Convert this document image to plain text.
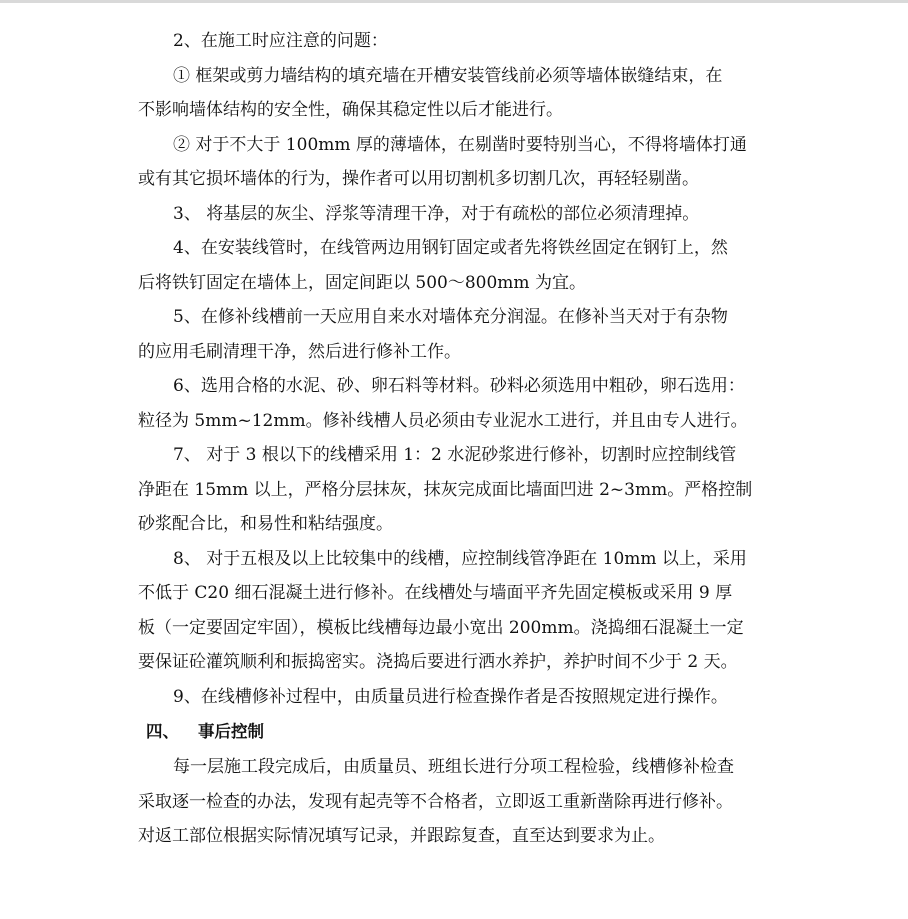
2、在施工时应注意的问题：
① 框架或剪力墙结构的填充墙在开槽安装管线前必须等墙体嵌缝结束，在
不影响墙体结构的安全性，确保其稳定性以后才能进行。
② 对于不大于 100mm 厚的薄墙体，在剔凿时要特别当心，不得将墙体打通
或有其它损坏墙体的行为，操作者可以用切割机多切割几次，再轻轻剔凿。
3、 将基层的灰尘、浮浆等清理干净，对于有疏松的部位必须清理掉。
4、在安装线管时，在线管两边用钢钉固定或者先将铁丝固定在钢钉上，然
后将铁钉固定在墙体上，固定间距以 500～800mm 为宜。
5、在修补线槽前一天应用自来水对墙体充分润湿。在修补当天对于有杂物
的应用毛刷清理干净，然后进行修补工作。
6、选用合格的水泥、砂、卵石料等材料。砂料必须选用中粗砂，卵石选用：
粒径为 5mm~12mm。修补线槽人员必须由专业泥水工进行，并且由专人进行。
7、 对于 3 根以下的线槽采用 1：2 水泥砂浆进行修补，切割时应控制线管
净距在 15mm 以上，严格分层抹灰，抹灰完成面比墙面凹进 2~3mm。严格控制
砂浆配合比，和易性和粘结强度。
8、 对于五根及以上比较集中的线槽，应控制线管净距在 10mm 以上，采用
不低于 C20 细石混凝土进行修补。在线槽处与墙面平齐先固定模板或采用 9 厚
板（一定要固定牢固），模板比线槽每边最小宽出 200mm。浇捣细石混凝土一定
要保证砼灌筑顺利和振捣密实。浇捣后要进行洒水养护，养护时间不少于 2 天。
9、在线槽修补过程中，由质量员进行检查操作者是否按照规定进行操作。
四、 事后控制
每一层施工段完成后，由质量员、班组长进行分项工程检验，线槽修补检查
采取逐一检查的办法，发现有起壳等不合格者，立即返工重新凿除再进行修补。
对返工部位根据实际情况填写记录，并跟踪复查，直至达到要求为止。
